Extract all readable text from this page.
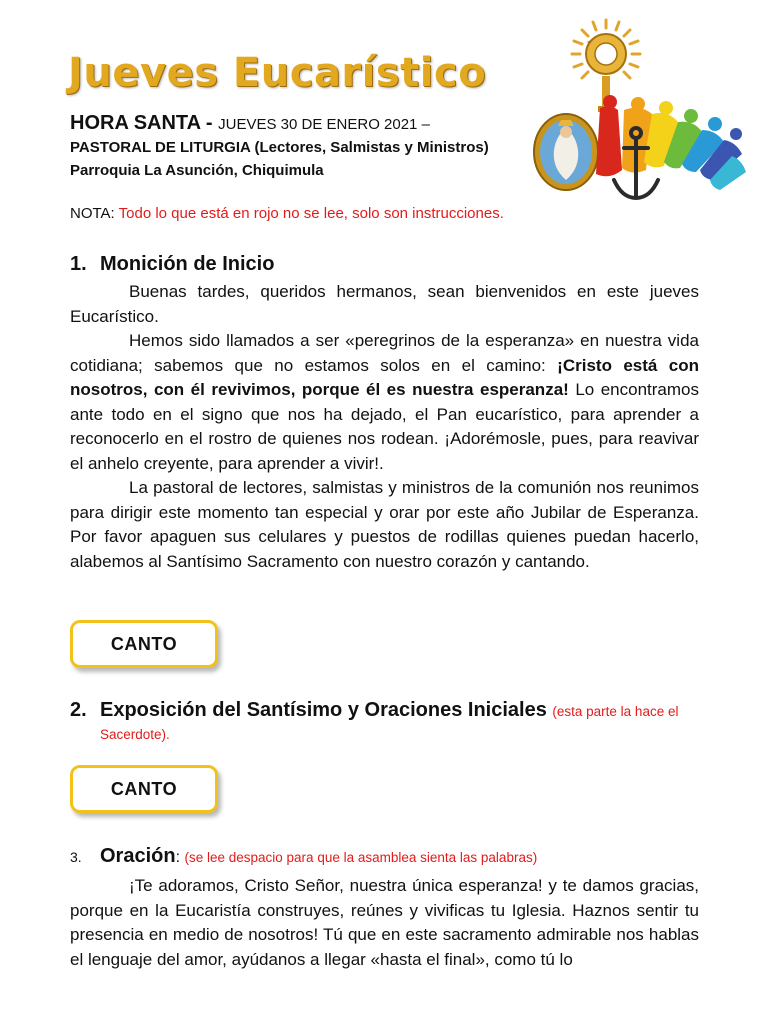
Jueves Eucarístico
HORA SANTA - JUEVES 30 DE ENERO 2021 –
PASTORAL DE LITURGIA (Lectores, Salmistas y Ministros)
Parroquia La Asunción, Chiquimula
NOTA: Todo lo que está en rojo no se lee, solo son instrucciones.
1. Monición de Inicio

Buenas tardes, queridos hermanos, sean bienvenidos en este jueves Eucarístico.

Hemos sido llamados a ser «peregrinos de la esperanza» en nuestra vida cotidiana; sabemos que no estamos solos en el camino: ¡Cristo está con nosotros, con él revivimos, porque él es nuestra esperanza! Lo encontramos ante todo en el signo que nos ha dejado, el Pan eucarístico, para aprender a reconocerlo en el rostro de quienes nos rodean. ¡Adorémosle, pues, para reavivar el anhelo creyente, para aprender a vivir!.

La pastoral de lectores, salmistas y ministros de la comunión nos reunimos para dirigir este momento tan especial y orar por este año Jubilar de Esperanza. Por favor apaguen sus celulares y puestos de rodillas quienes puedan hacerlo, alabemos al Santísimo Sacramento con nuestro corazón y cantando.

CANTO
2. Exposición del Santísimo y Oraciones Iniciales (esta parte la hace el
Sacerdote).
CANTO
3. Oración: (se lee despacio para que la asamblea sienta las palabras)

¡Te adoramos, Cristo Señor, nuestra única esperanza! y te damos gracias, porque en la Eucaristía construyes, reúnes y vivificas tu Iglesia. Haznos sentir tu presencia en medio de nosotros! Tú que en este sacramento admirable nos hablas el lenguaje del amor, ayúdanos a llegar «hasta el final», como tú lo
